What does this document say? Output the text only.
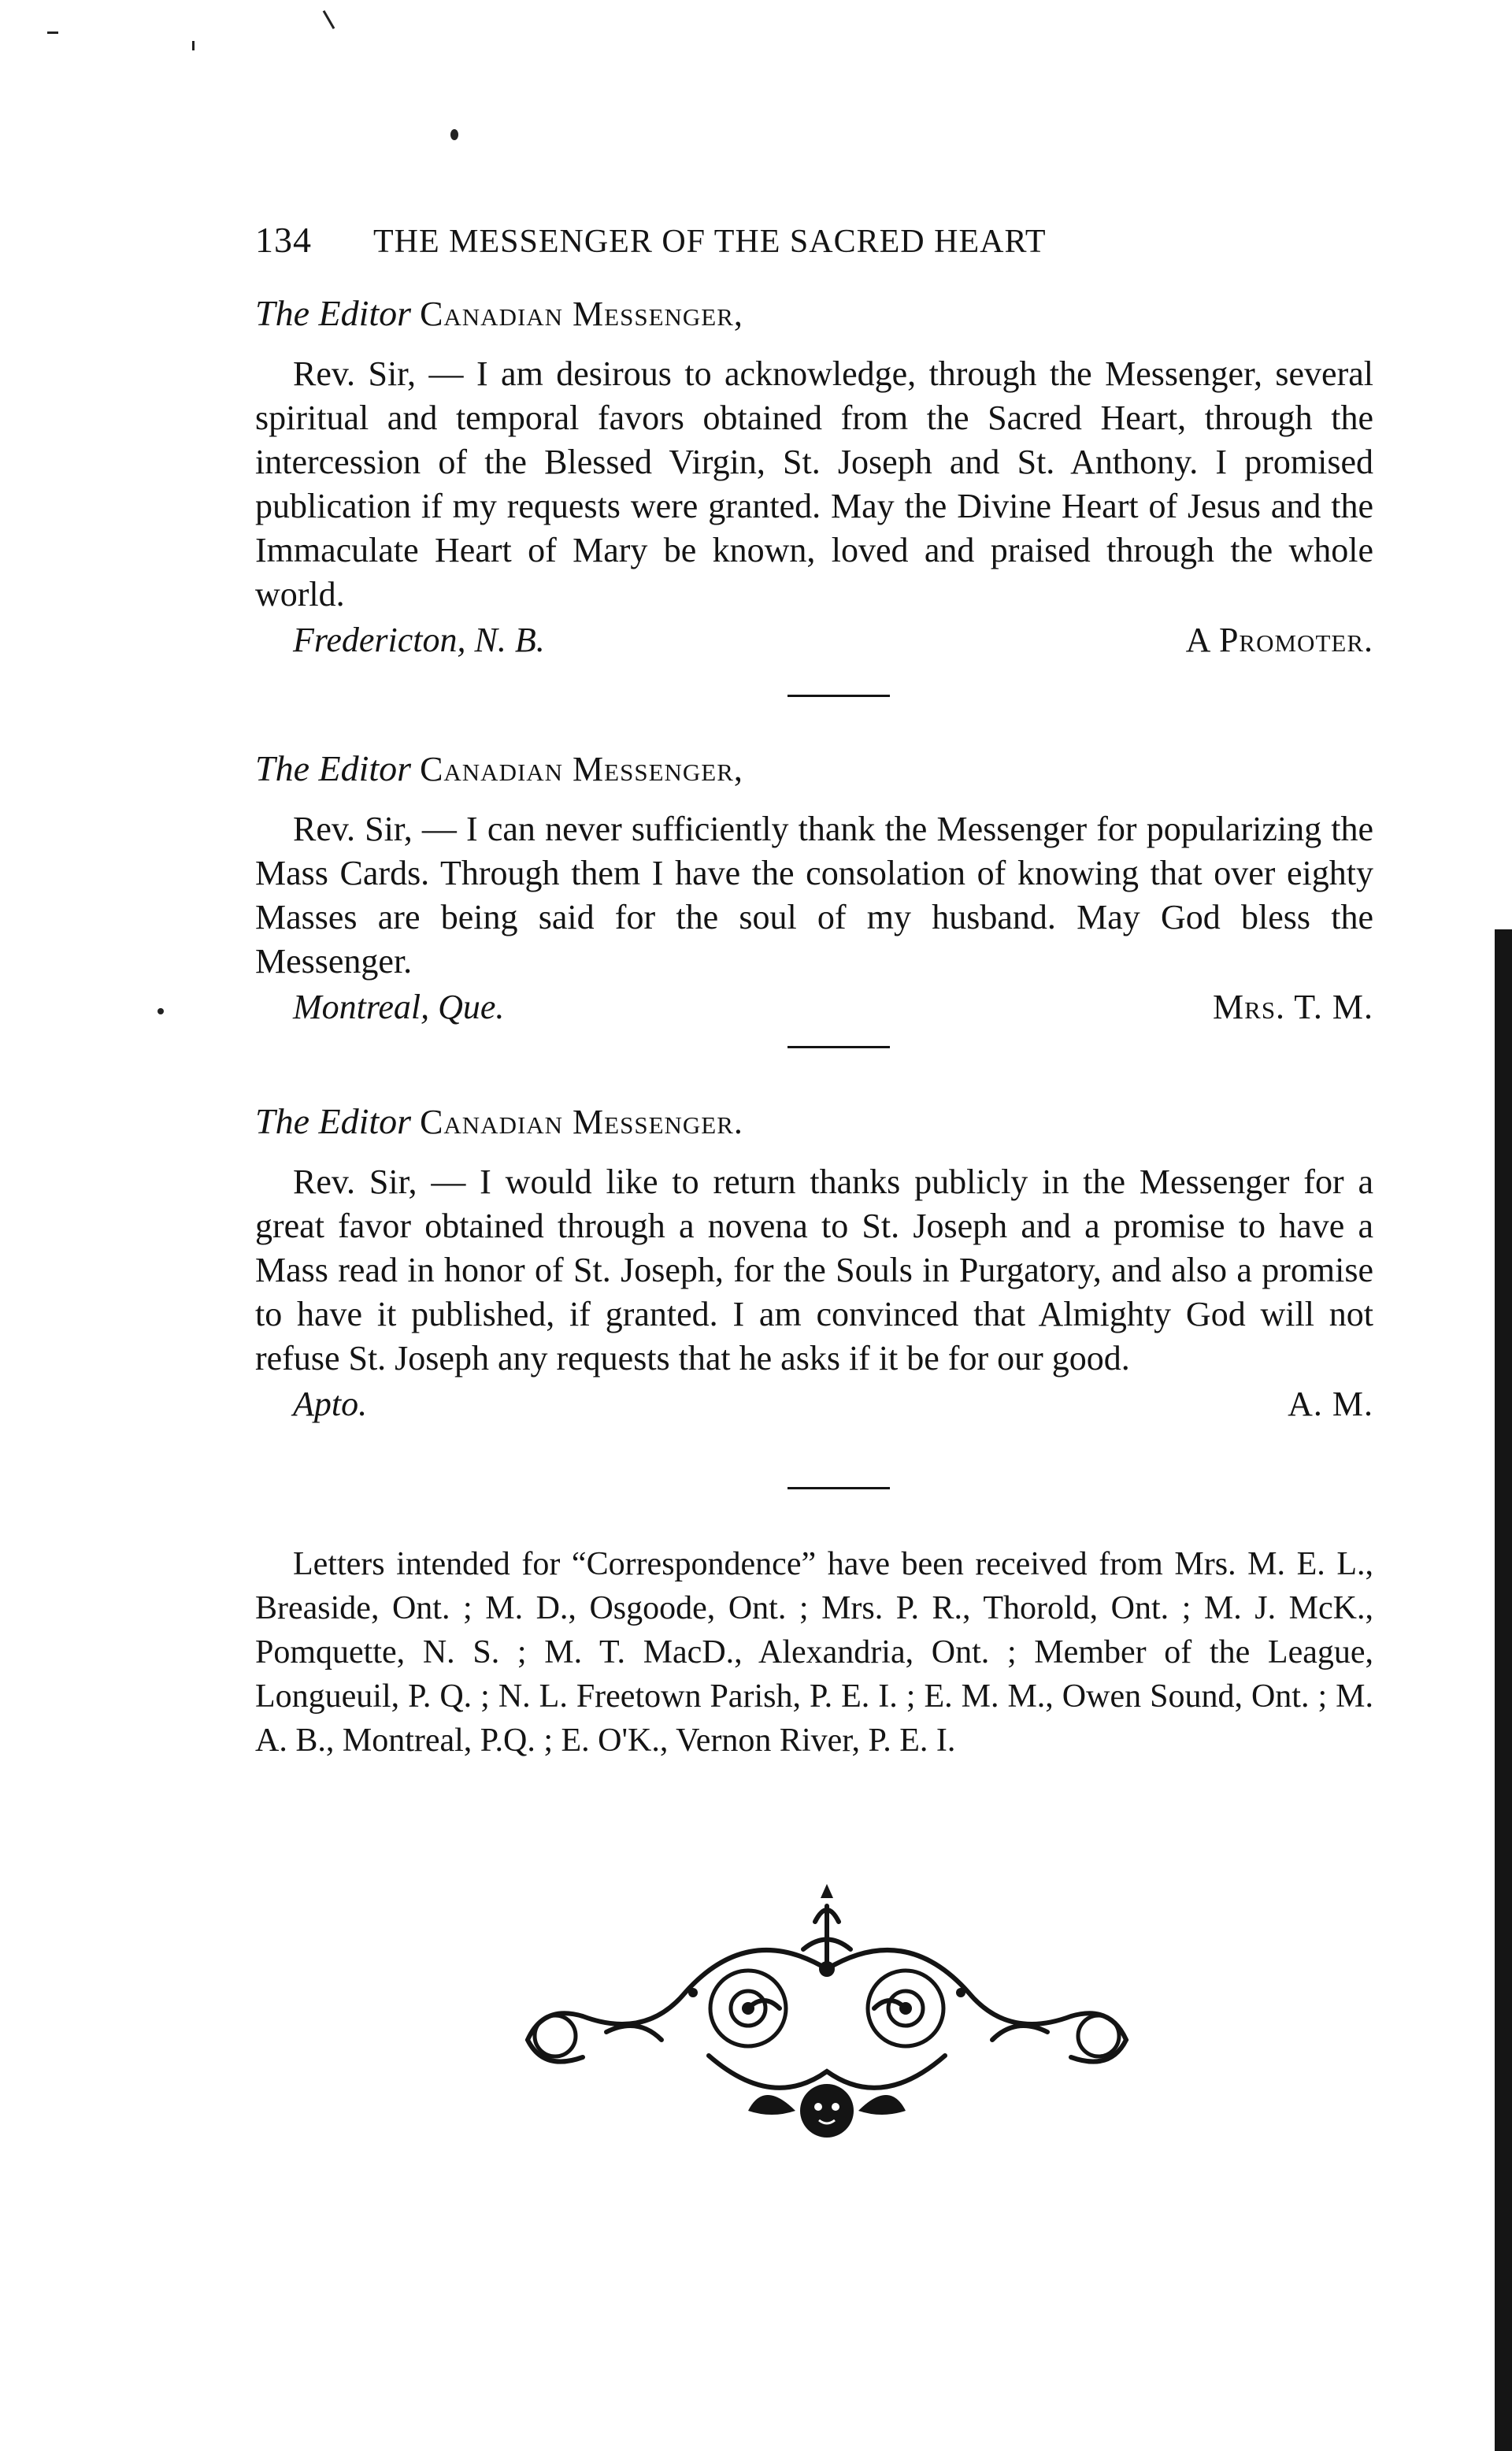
134 THE MESSENGER OF THE SACRED HEART
The Editor Canadian Messenger,
Rev. Sir, — I am desirous to acknowledge, through the Messenger, several spiritual and temporal favors obtained from the Sacred Heart, through the intercession of the Blessed Virgin, St. Joseph and St. Anthony. I promised publication if my requests were granted. May the Divine Heart of Jesus and the Immaculate Heart of Mary be known, loved and praised through the whole world.
Fredericton, N. B.	A Promoter.
The Editor Canadian Messenger,
Rev. Sir, — I can never sufficiently thank the Messenger for popularizing the Mass Cards. Through them I have the consolation of knowing that over eighty Masses are being said for the soul of my husband. May God bless the Messenger.
Montreal, Que.	Mrs. T. M.
The Editor Canadian Messenger.
Rev. Sir, — I would like to return thanks publicly in the Messenger for a great favor obtained through a novena to St. Joseph and a promise to have a Mass read in honor of St. Joseph, for the Souls in Purgatory, and also a promise to have it published, if granted. I am convinced that Almighty God will not refuse St. Joseph any requests that he asks if it be for our good.
Apto.	A. M.
Letters intended for “Correspondence” have been received from Mrs. M. E. L., Breaside, Ont. ; M. D., Osgoode, Ont. ; Mrs. P. R., Thorold, Ont. ; M. J. McK., Pomquette, N. S. ; M. T. MacD., Alexandria, Ont. ; Member of the League, Longueuil, P. Q. ; N. L. Freetown Parish, P. E. I. ; E. M. M., Owen Sound, Ont. ; M. A. B., Montreal, P.Q. ; E. O'K., Vernon River, P. E. I.
